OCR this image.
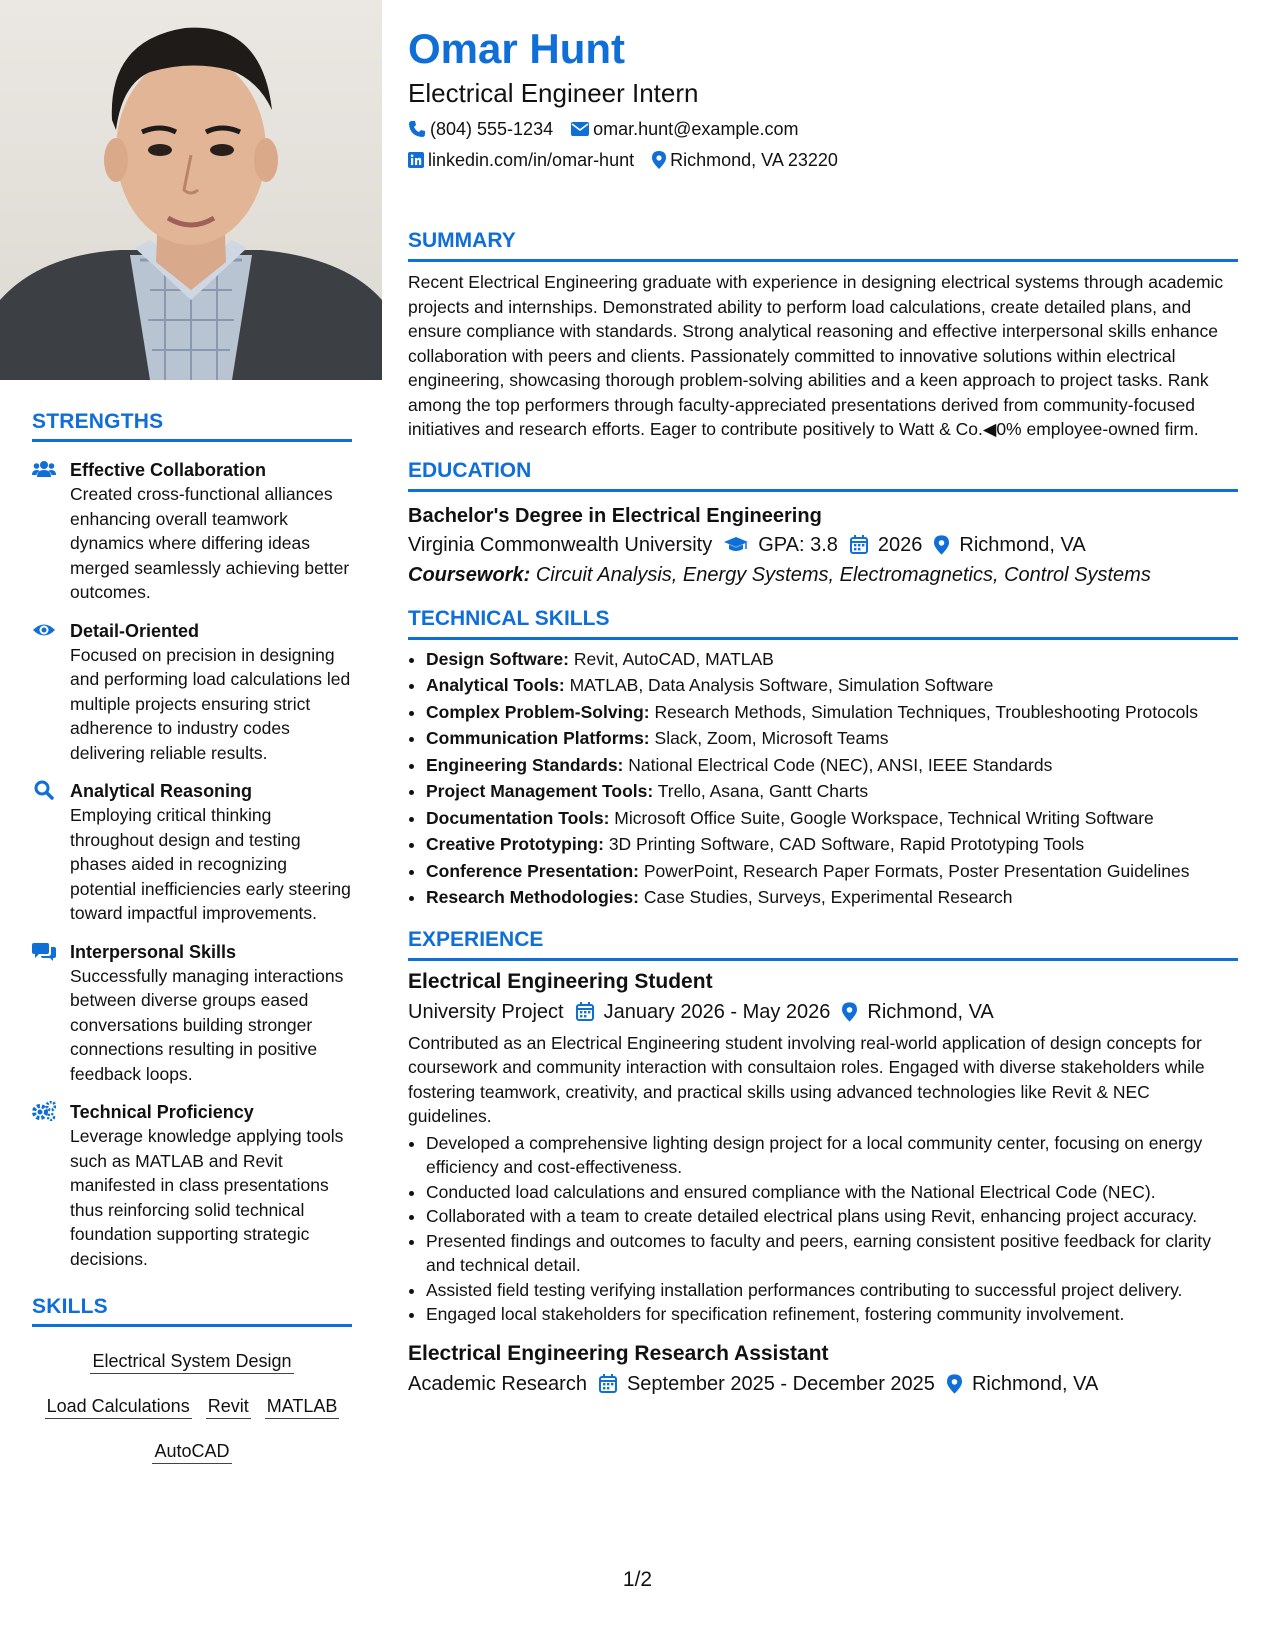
STRENGTHS
Effective Collaboration
Created cross-functional alliances enhancing overall teamwork dynamics where differing ideas merged seamlessly achieving better outcomes.
Detail-Oriented
Focused on precision in designing and performing load calculations led multiple projects ensuring strict adherence to industry codes delivering reliable results.
Analytical Reasoning
Employing critical thinking throughout design and testing phases aided in recognizing potential inefficiencies early steering toward impactful improvements.
Interpersonal Skills
Successfully managing interactions between diverse groups eased conversations building stronger connections resulting in positive feedback loops.
Technical Proficiency
Leverage knowledge applying tools such as MATLAB and Revit manifested in class presentations thus reinforcing solid technical foundation supporting strategic decisions.
SKILLS
Electrical System Design
Load Calculations Revit MATLAB
AutoCAD
Omar Hunt
Electrical Engineer Intern
(804) 555-1234 omar.hunt@example.com
linkedin.com/in/omar-hunt Richmond, VA 23220
SUMMARY
Recent Electrical Engineering graduate with experience in designing electrical systems through academic projects and internships. Demonstrated ability to perform load calculations, create detailed plans, and ensure compliance with standards. Strong analytical reasoning and effective interpersonal skills enhance collaboration with peers and clients. Passionately committed to innovative solutions within electrical engineering, showcasing thorough problem-solving abilities and a keen approach to project tasks. Rank among the top performers through faculty-appreciated presentations derived from community-focused initiatives and research efforts. Eager to contribute positively to Watt & Co.◀0% employee-owned firm.
EDUCATION
Bachelor's Degree in Electrical Engineering
Virginia Commonwealth University GPA: 3.8 2026 Richmond, VA
Coursework: Circuit Analysis, Energy Systems, Electromagnetics, Control Systems
TECHNICAL SKILLS
• Design Software: Revit, AutoCAD, MATLAB
• Analytical Tools: MATLAB, Data Analysis Software, Simulation Software
• Complex Problem-Solving: Research Methods, Simulation Techniques, Troubleshooting Protocols
• Communication Platforms: Slack, Zoom, Microsoft Teams
• Engineering Standards: National Electrical Code (NEC), ANSI, IEEE Standards
• Project Management Tools: Trello, Asana, Gantt Charts
• Documentation Tools: Microsoft Office Suite, Google Workspace, Technical Writing Software
• Creative Prototyping: 3D Printing Software, CAD Software, Rapid Prototyping Tools
• Conference Presentation: PowerPoint, Research Paper Formats, Poster Presentation Guidelines
• Research Methodologies: Case Studies, Surveys, Experimental Research
EXPERIENCE
Electrical Engineering Student
University Project January 2026 - May 2026 Richmond, VA
Contributed as an Electrical Engineering student involving real-world application of design concepts for coursework and community interaction with consultaion roles. Engaged with diverse stakeholders while fostering teamwork, creativity, and practical skills using advanced technologies like Revit & NEC guidelines.
• Developed a comprehensive lighting design project for a local community center, focusing on energy efficiency and cost-effectiveness.
• Conducted load calculations and ensured compliance with the National Electrical Code (NEC).
• Collaborated with a team to create detailed electrical plans using Revit, enhancing project accuracy.
• Presented findings and outcomes to faculty and peers, earning consistent positive feedback for clarity and technical detail.
• Assisted field testing verifying installation performances contributing to successful project delivery.
• Engaged local stakeholders for specification refinement, fostering community involvement.
Electrical Engineering Research Assistant
Academic Research September 2025 - December 2025 Richmond, VA
1/2
